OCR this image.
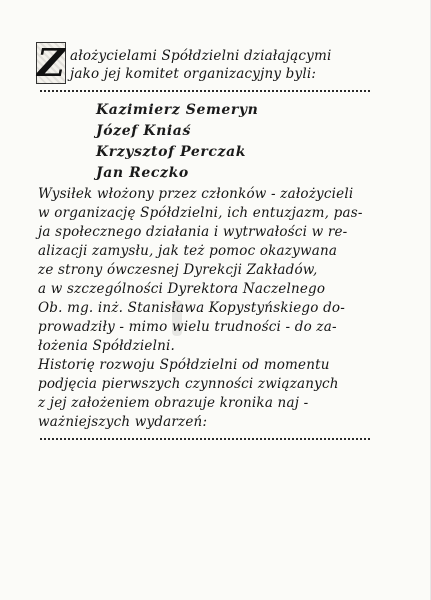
Z ałożycielami Spółdzielni działającymi
jako jej komitet organizacyjny byli:
Kazimierz Semeryn
Józef Kniaś
Krzysztof Perczak
Jan Reczko
Wysiłek włożony przez członków - założycieli
w organizację Spółdzielni, ich entuzjazm, pas-
ja społecznego działania i wytrwałości w re-
alizacji zamysłu, jak też pomoc okazywana
ze strony ówczesnej Dyrekcji Zakładów,
a w szczególności Dyrektora Naczelnego
Ob. mg. inż. Stanisława Kopystyńskiego do-
prowadziły - mimo wielu trudności - do za-
łożenia Spółdzielni.
Historię rozwoju Spółdzielni od momentu
podjęcia pierwszych czynności związanych
z jej założeniem obrazuje kronika naj -
ważniejszych wydarzeń:
